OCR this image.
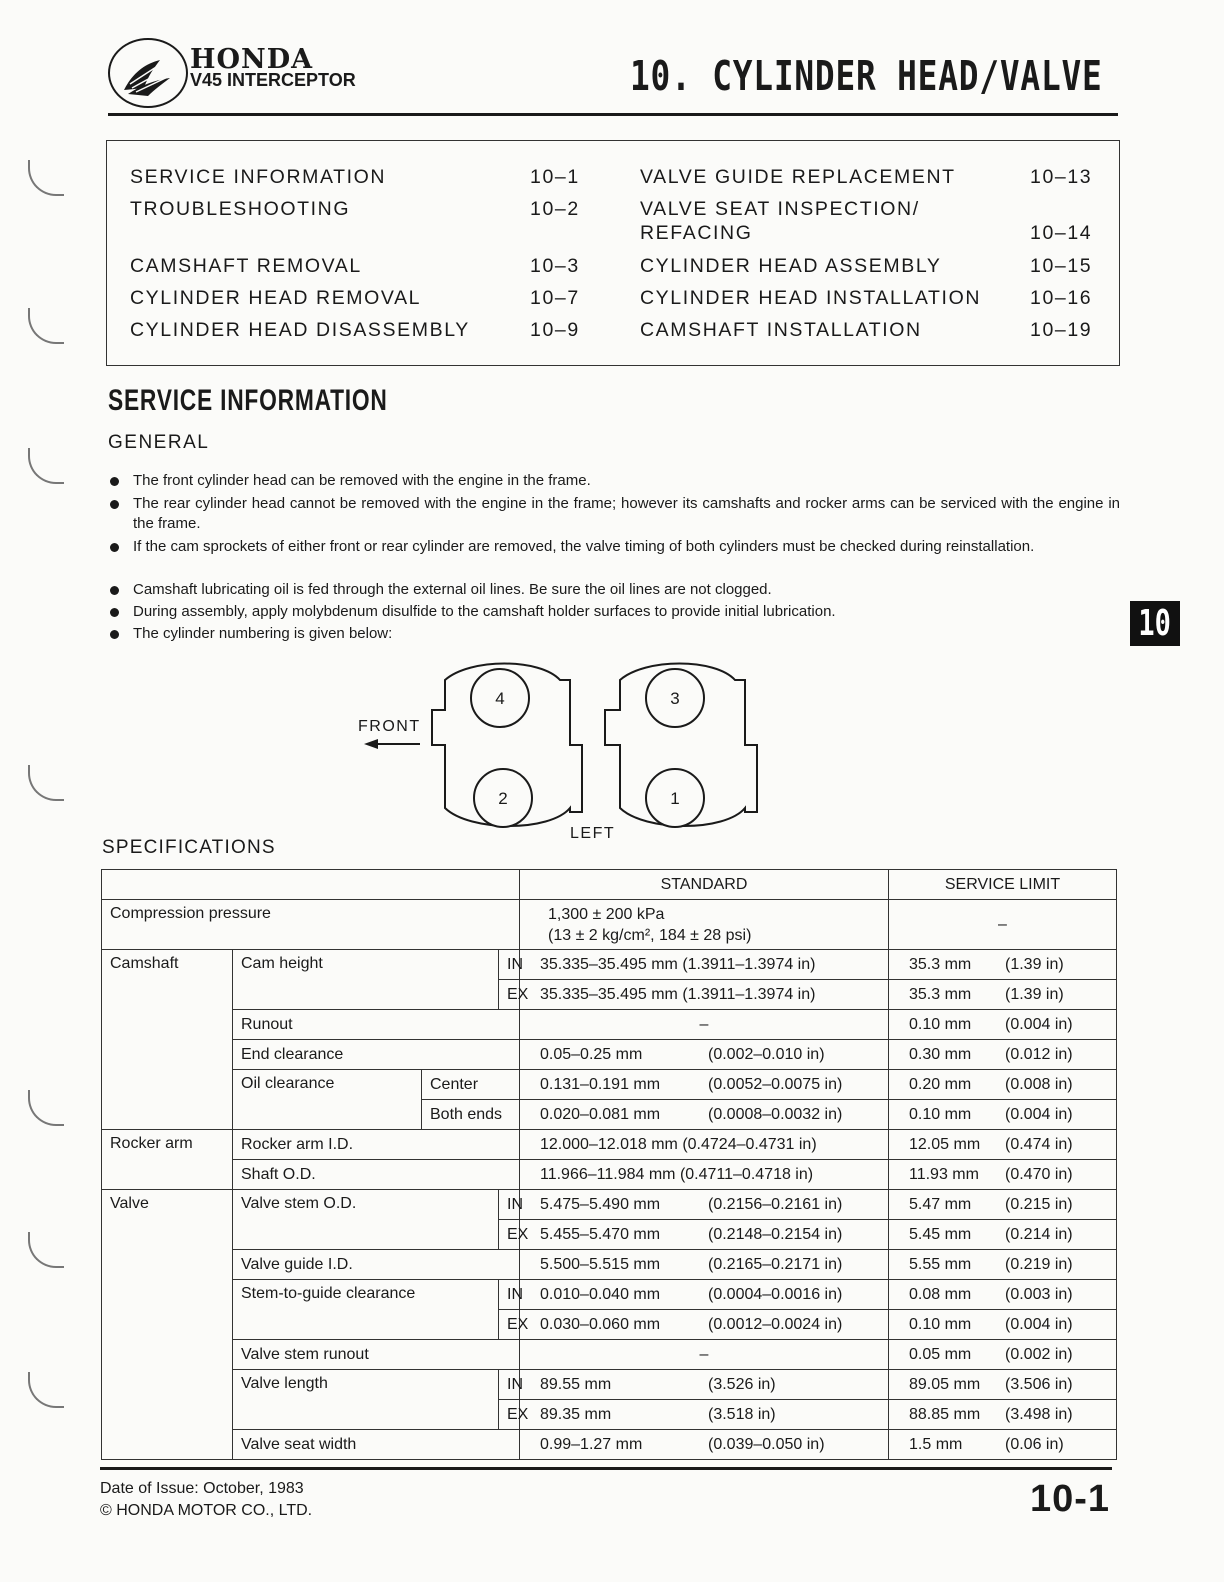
HONDA
V45 INTERCEPTOR	10. CYLINDER HEAD/VALVE
SERVICE INFORMATION	10–1
TROUBLESHOOTING	10–2
CAMSHAFT REMOVAL	10–3
CYLINDER HEAD REMOVAL	10–7
CYLINDER HEAD DISASSEMBLY	10–9
VALVE GUIDE REPLACEMENT	10–13
VALVE SEAT INSPECTION/
REFACING	10–14
CYLINDER HEAD ASSEMBLY	10–15
CYLINDER HEAD INSTALLATION	10–16
CAMSHAFT INSTALLATION	10–19
SERVICE INFORMATION
GENERAL
The front cylinder head can be removed with the engine in the frame.
The rear cylinder head cannot be removed with the engine in the frame; however its camshafts and rocker arms can be serviced with the engine in the frame.
If the cam sprockets of either front or rear cylinder are removed, the valve timing of both cylinders must be checked during reinstallation.
Camshaft lubricating oil is fed through the external oil lines. Be sure the oil lines are not clogged.
During assembly, apply molybdenum disulfide to the camshaft holder surfaces to provide initial lubrication.
The cylinder numbering is given below:	10
4	3
2	1
FRONT
LEFT
SPECIFICATIONS
				STANDARD	SERVICE LIMIT
Compression pressure				1,300 ± 200 kPa
(13 ± 2 kg/cm², 184 ± 28 psi)	–
Camshaft	Cam height		IN	35.335–35.495 mm (1.3911–1.3974 in)	35.3 mm (1.39 in)

			EX	35.335–35.495 mm (1.3911–1.3974 in)	35.3 mm (1.39 in)

	Runout			–	0.10 mm (0.004 in)

	End clearance			0.05–0.25 mm (0.002–0.010 in)	0.30 mm (0.012 in)

	Oil clearance	Center		0.131–0.191 mm (0.0052–0.0075 in)	0.20 mm (0.008 in)

		Both ends		0.020–0.081 mm (0.0008–0.0032 in)	0.10 mm (0.004 in)

Rocker arm	Rocker arm I.D.			12.000–12.018 mm (0.4724–0.4731 in)	12.05 mm (0.474 in)

	Shaft O.D.			11.966–11.984 mm (0.4711–0.4718 in)	11.93 mm (0.470 in)

Valve	Valve stem O.D.		IN	5.475–5.490 mm (0.2156–0.2161 in)	5.47 mm (0.215 in)

			EX	5.455–5.470 mm (0.2148–0.2154 in)	5.45 mm (0.214 in)

	Valve guide I.D.			5.500–5.515 mm (0.2165–0.2171 in)	5.55 mm (0.219 in)

	Stem-to-guide clearance		IN	0.010–0.040 mm (0.0004–0.0016 in)	0.08 mm (0.003 in)

			EX	0.030–0.060 mm (0.0012–0.0024 in)	0.10 mm (0.004 in)

	Valve stem runout			–	0.05 mm (0.002 in)

	Valve length		IN	89.55 mm (3.526 in)	89.05 mm (3.506 in)

			EX	89.35 mm (3.518 in)	88.85 mm (3.498 in)

	Valve seat width			0.99–1.27 mm (0.039–0.050 in)	1.5 mm (0.06 in)
Date of Issue: October, 1983
© HONDA MOTOR CO., LTD.	10-1
